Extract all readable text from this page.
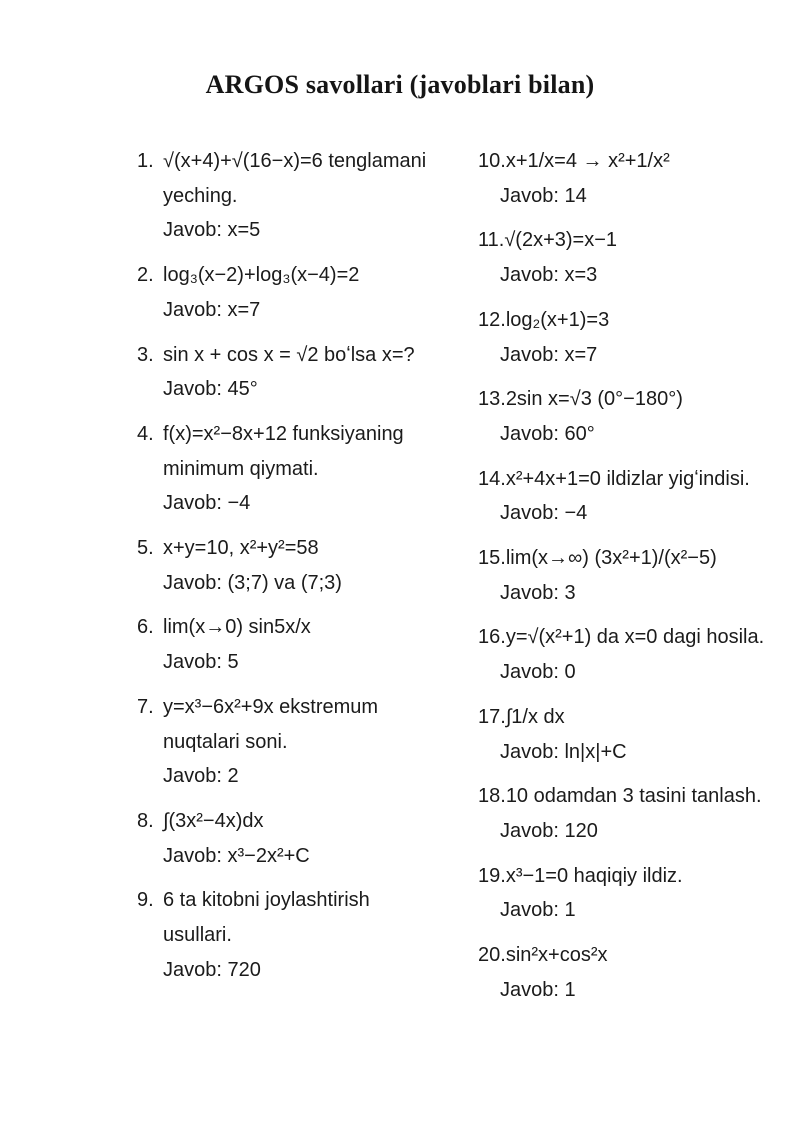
ARGOS savollari (javoblari bilan)
1. √(x+4)+√(16−x)=6 tenglamani
yeching.
Javob: x=5
2. log₃(x−2)+log₃(x−4)=2
Javob: x=7
3. sin x + cos x = √2 boʻlsa x=?
Javob: 45°
4. f(x)=x²−8x+12 funksiyaning
minimum qiymati.
Javob: −4
5. x+y=10, x²+y²=58
Javob: (3;7) va (7;3)
6. lim(x→0) sin5x/x
Javob: 5
7. y=x³−6x²+9x ekstremum
nuqtalari soni.
Javob: 2
8. ∫(3x²−4x)dx
Javob: x³−2x²+C
9. 6 ta kitobni joylashtirish
usullari.
Javob: 720
10.x+1/x=4 → x²+1/x²
Javob: 14
11.√(2x+3)=x−1
Javob: x=3
12.log₂(x+1)=3
Javob: x=7
13.2sin x=√3 (0°−180°)
Javob: 60°
14.x²+4x+1=0 ildizlar yigʻindisi.
Javob: −4
15.lim(x→∞) (3x²+1)/(x²−5)
Javob: 3
16.y=√(x²+1) da x=0 dagi hosila.
Javob: 0
17.∫1/x dx
Javob: ln|x|+C
18.10 odamdan 3 tasini tanlash.
Javob: 120
19.x³−1=0 haqiqiy ildiz.
Javob: 1
20.sin²x+cos²x
Javob: 1
